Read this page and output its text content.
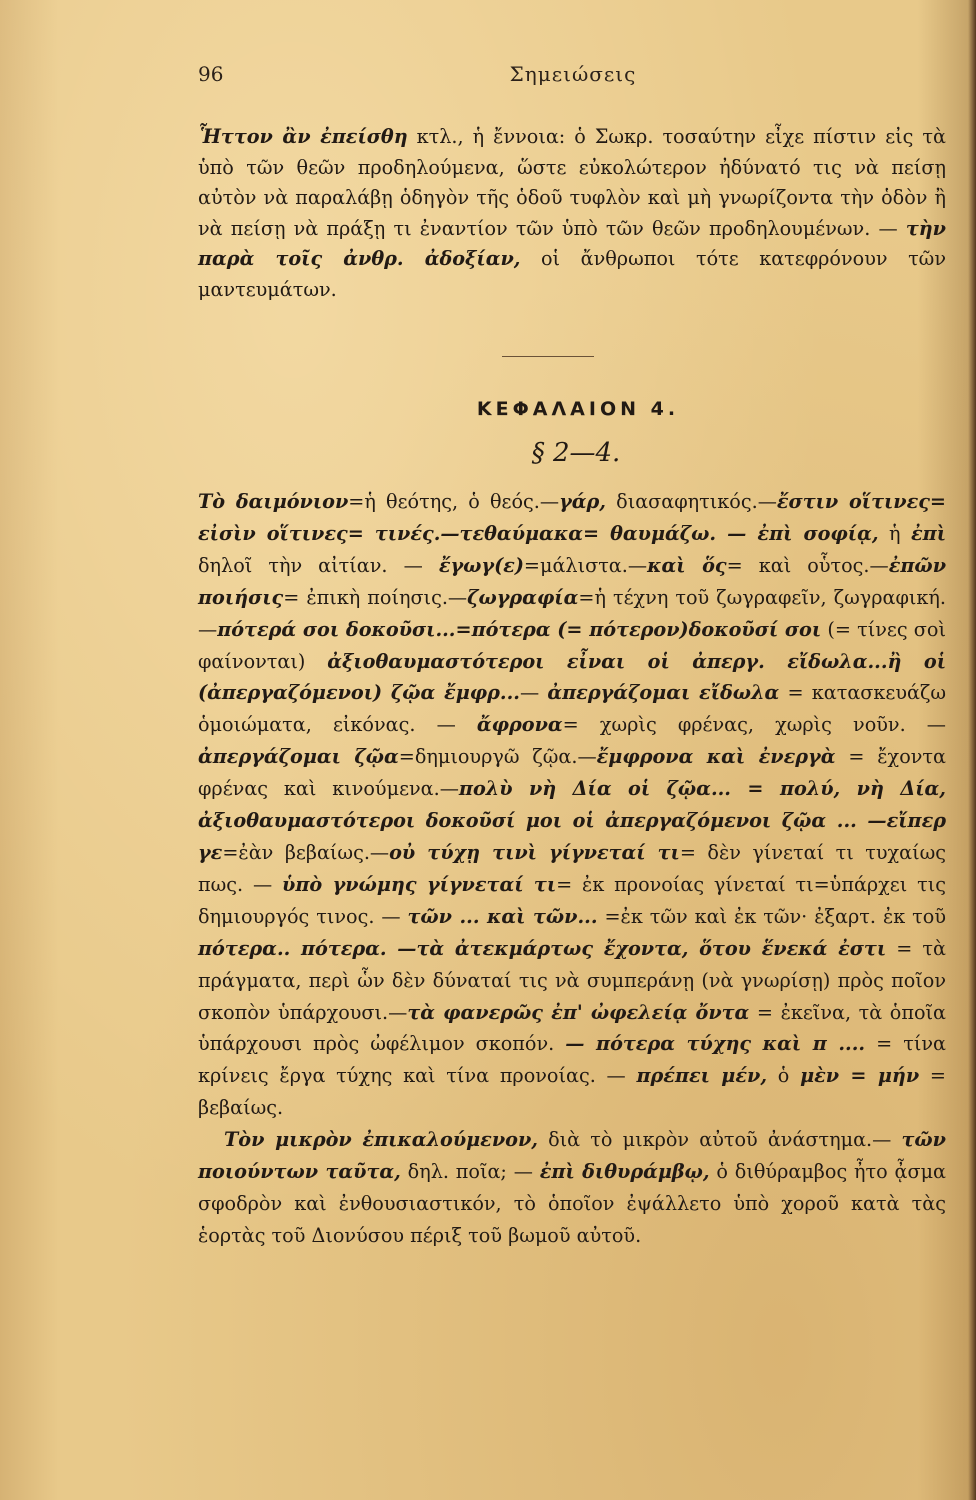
96	Σημειώσεις
Ἧττον ἂν ἐπείσθη κτλ., ἡ ἔννοια: ὁ Σωκρ. τοσαύτην εἶχε πίστιν εἰς τὰ ὑπὸ τῶν θεῶν προδηλούμενα, ὥστε εὐκολώτερον ἠδύνατό τις νὰ πείσῃ αὐτὸν νὰ παραλάβῃ ὁδηγὸν τῆς ὁδοῦ τυφλὸν καὶ μὴ γνωρίζοντα τὴν ὁδὸν ἢ νὰ πείσῃ νὰ πράξῃ τι ἐναντίον τῶν ὑπὸ τῶν θεῶν προδηλουμένων. — τὴν παρὰ τοῖς ἀνθρ. ἀδοξίαν, οἱ ἄνθρωποι τότε κατεφρόνουν τῶν μαντευμάτων.
ΚΕΦΑΛΑΙΟΝ 4.
§ 2—4.

Τὸ δαιμόνιον=ἡ θεότης, ὁ θεός.—γάρ, διασαφητικός.—ἔστιν οἵτινες= εἰσὶν οἵτινες= τινές.—τεθαύμακα= θαυμάζω. — ἐπὶ σοφίᾳ, ἡ ἐπὶ δηλοῖ τὴν αἰτίαν. — ἔγωγ(ε)=μάλιστα.—καὶ ὅς= καὶ οὗτος.—ἐπῶν ποιήσις= ἐπικὴ ποίησις.—ζωγραφία=ἡ τέχνη τοῦ ζωγραφεῖν, ζωγραφική.—πότερά σοι δοκοῦσι...=πότερα (= πότερον)δοκοῦσί σοι (= τίνες σοὶ φαίνονται) ἀξιοθαυμαστότεροι εἶναι οἱ ἀπεργ. εἴδωλα...ἢ οἱ (ἀπεργαζόμενοι) ζῷα ἔμφρ...— ἀπεργάζομαι εἴδωλα = κατασκευάζω ὁμοιώματα, εἰκόνας. — ἄφρονα= χωρὶς φρένας, χωρὶς νοῦν. — ἀπεργάζομαι ζῷα=δημιουργῶ ζῷα.—ἔμφρονα καὶ ἐνεργὰ = ἔχοντα φρένας καὶ κινούμενα.—πολὺ νὴ Δία οἱ ζῷα... = πολύ, νὴ Δία, ἀξιοθαυμαστότεροι δοκοῦσί μοι οἱ ἀπεργαζόμενοι ζῷα ... —εἴπερ γε=ἐὰν βεβαίως.—οὐ τύχῃ τινὶ γίγνεταί τι= δὲν γίνεταί τι τυχαίως πως. — ὑπὸ γνώμης γίγνεταί τι= ἐκ προνοίας γίνεταί τι=ὑπάρχει τις δημιουργός τινος. — τῶν ... καὶ τῶν... =ἐκ τῶν καὶ ἐκ τῶν· ἐξαρτ. ἐκ τοῦ πότερα.. πότερα. —τὰ ἀτεκμάρτως ἔχοντα, ὅτου ἕνεκά ἐστι = τὰ πράγματα, περὶ ὧν δὲν δύναταί τις νὰ συμπεράνῃ (νὰ γνωρίσῃ) πρὸς ποῖον σκοπὸν ὑπάρχουσι.—τὰ φανερῶς ἐπ' ὠφελείᾳ ὄντα = ἐκεῖνα, τὰ ὁποῖα ὑπάρχουσι πρὸς ὠφέλιμον σκοπόν. — πότερα τύχης καὶ π .... = τίνα κρίνεις ἔργα τύχης καὶ τίνα προνοίας. — πρέπει μέν, ὁ μὲν = μήν = βεβαίως.

Τὸν μικρὸν ἐπικαλούμενον, διὰ τὸ μικρὸν αὐτοῦ ἀνάστημα.— τῶν ποιούντων ταῦτα, δηλ. ποῖα; — ἐπὶ διθυράμβῳ, ὁ διθύραμβος ἦτο ᾆσμα σφοδρὸν καὶ ἐνθουσιαστικόν, τὸ ὁποῖον ἐψάλλετο ὑπὸ χοροῦ κατὰ τὰς ἑορτὰς τοῦ Διονύσου πέριξ τοῦ βωμοῦ αὐτοῦ.
